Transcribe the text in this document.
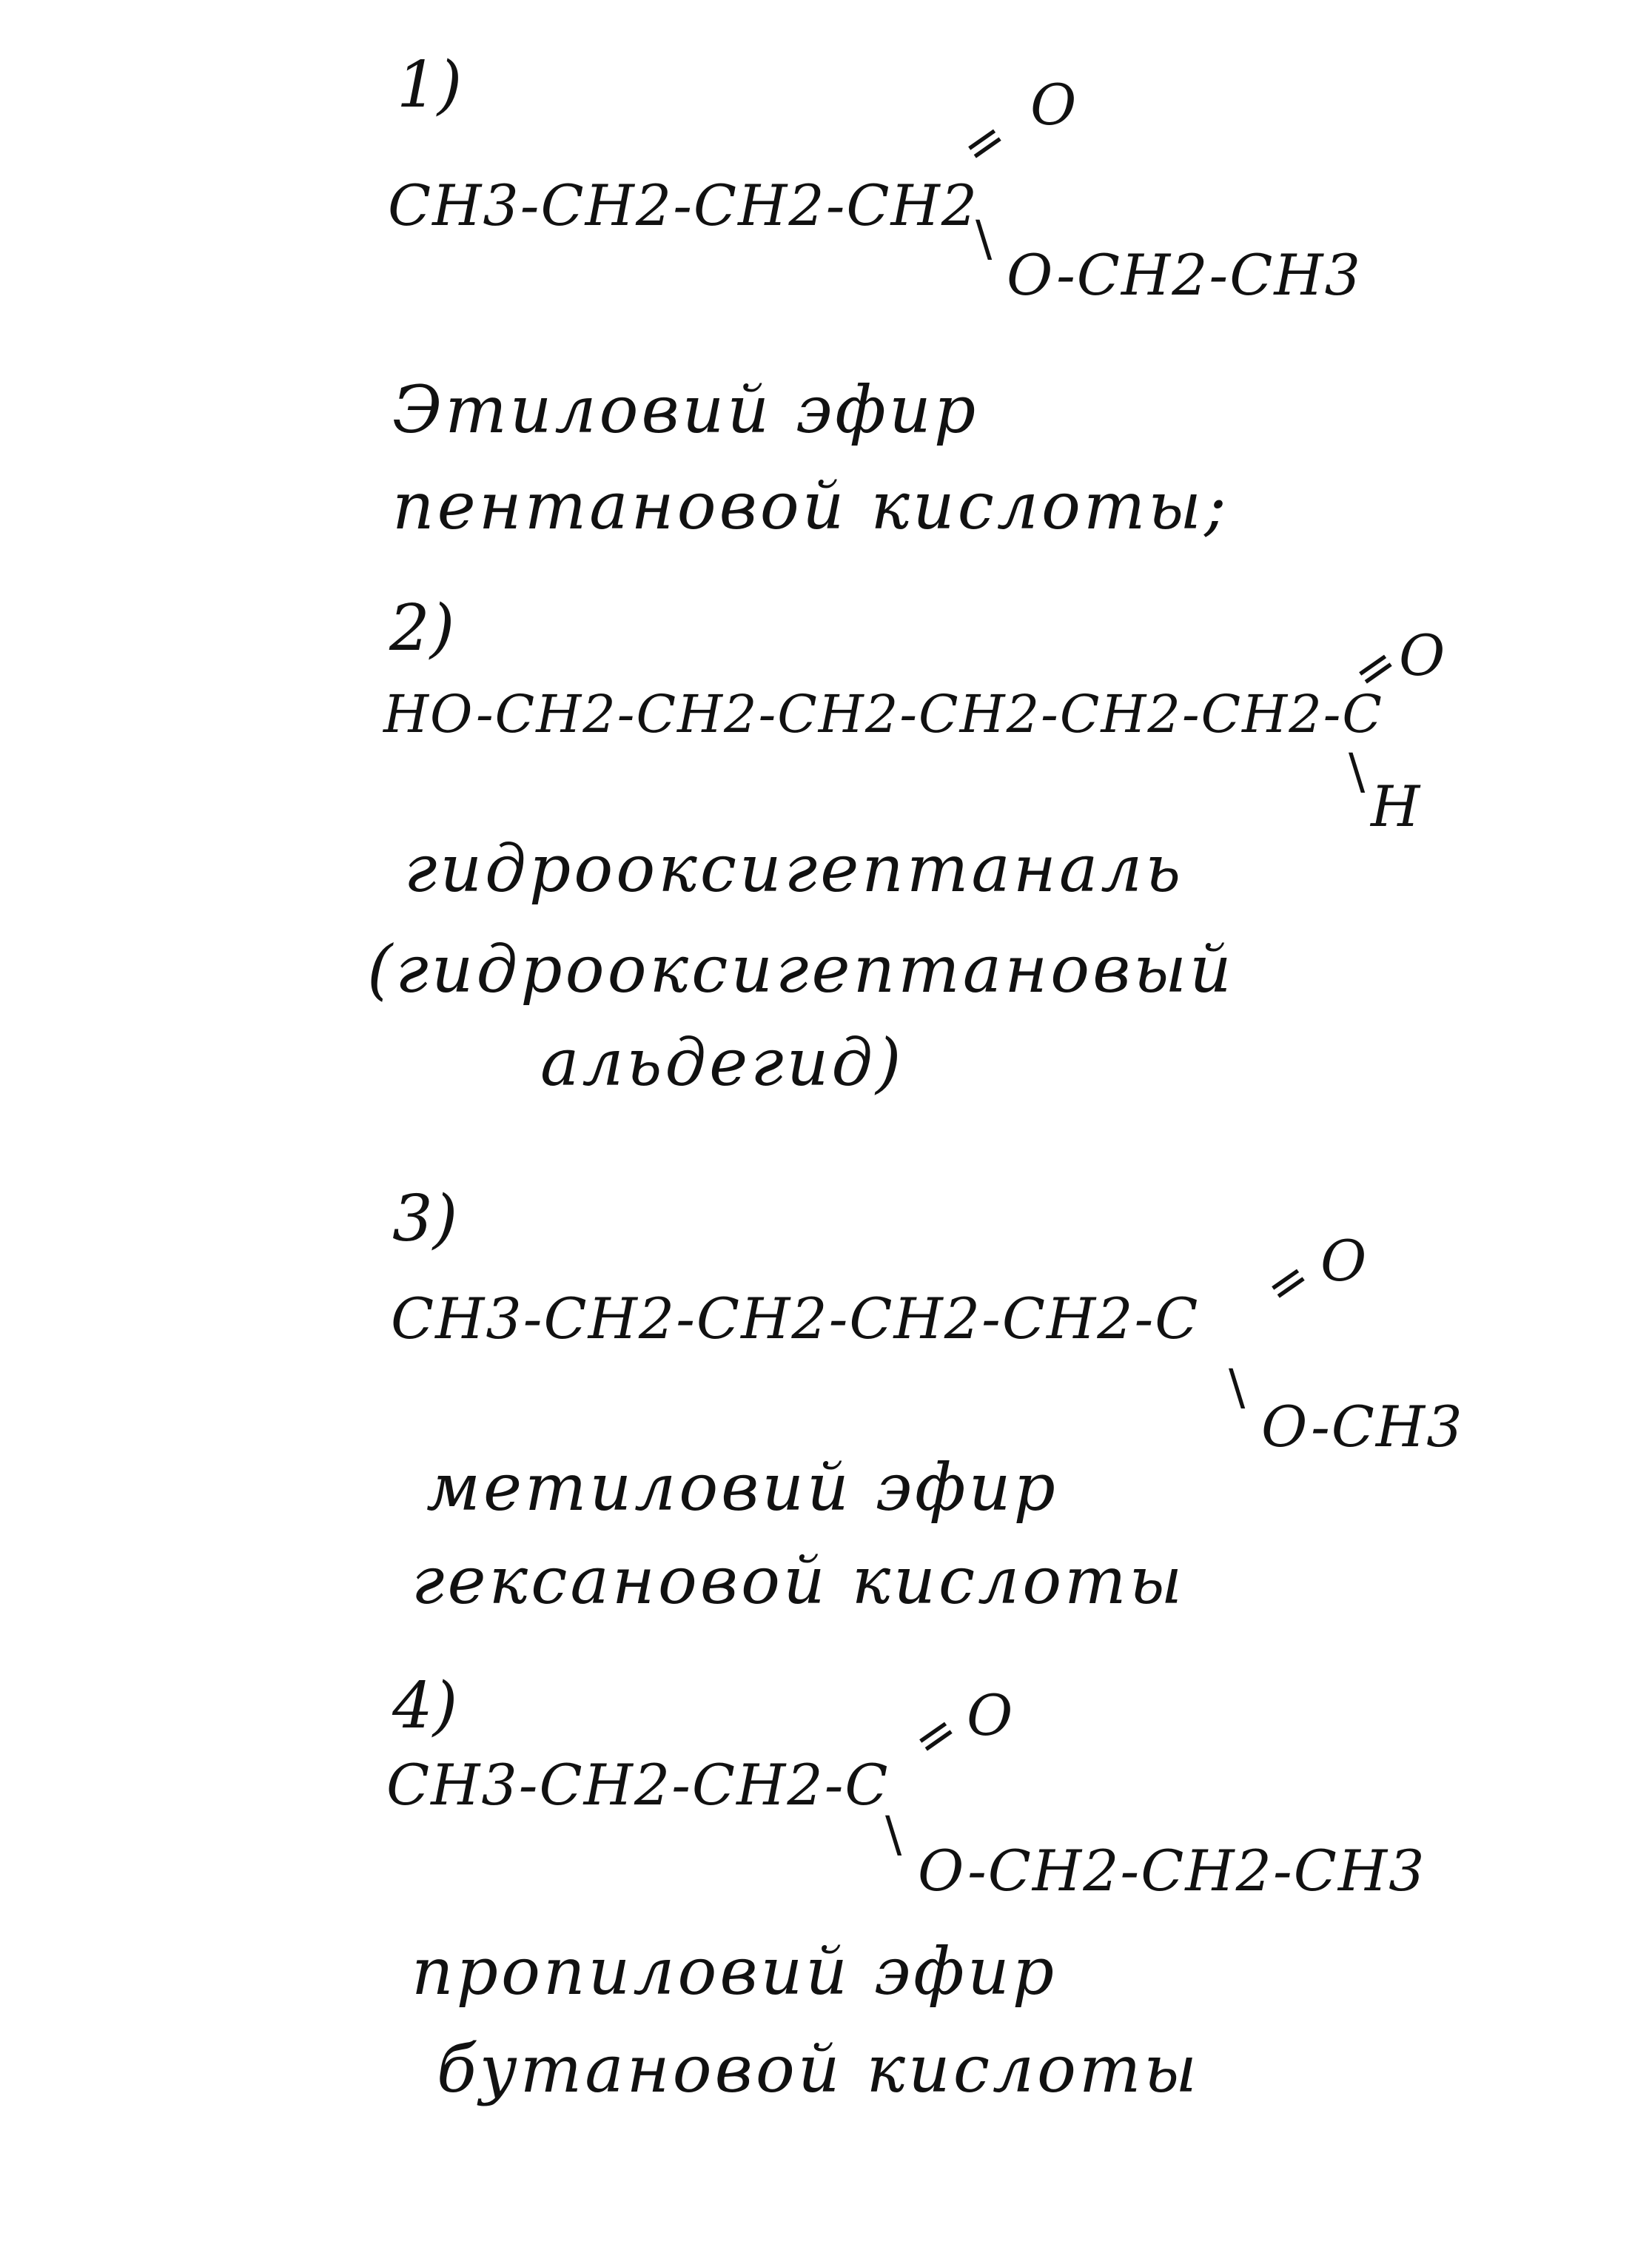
1)
CH3-CH2-CH2-CH2
=
O
\
O-CH2-CH3
Этиловий эфир
пентановой кислоты;
2)
HO-CH2-CH2-CH2-CH2-CH2-CH2-C
=
O
\
H
гидрооксигептаналь
(гидрооксигептановый
альдегид)
3)
CH3-CH2-CH2-CH2-CH2-C
= O
\
O-CH3
метиловий эфир
гексановой кислоты
4)
CH3-CH2-CH2-C
=
O
\
O-CH2-CH2-CH3
пропиловий эфир
бутановой кислоты
